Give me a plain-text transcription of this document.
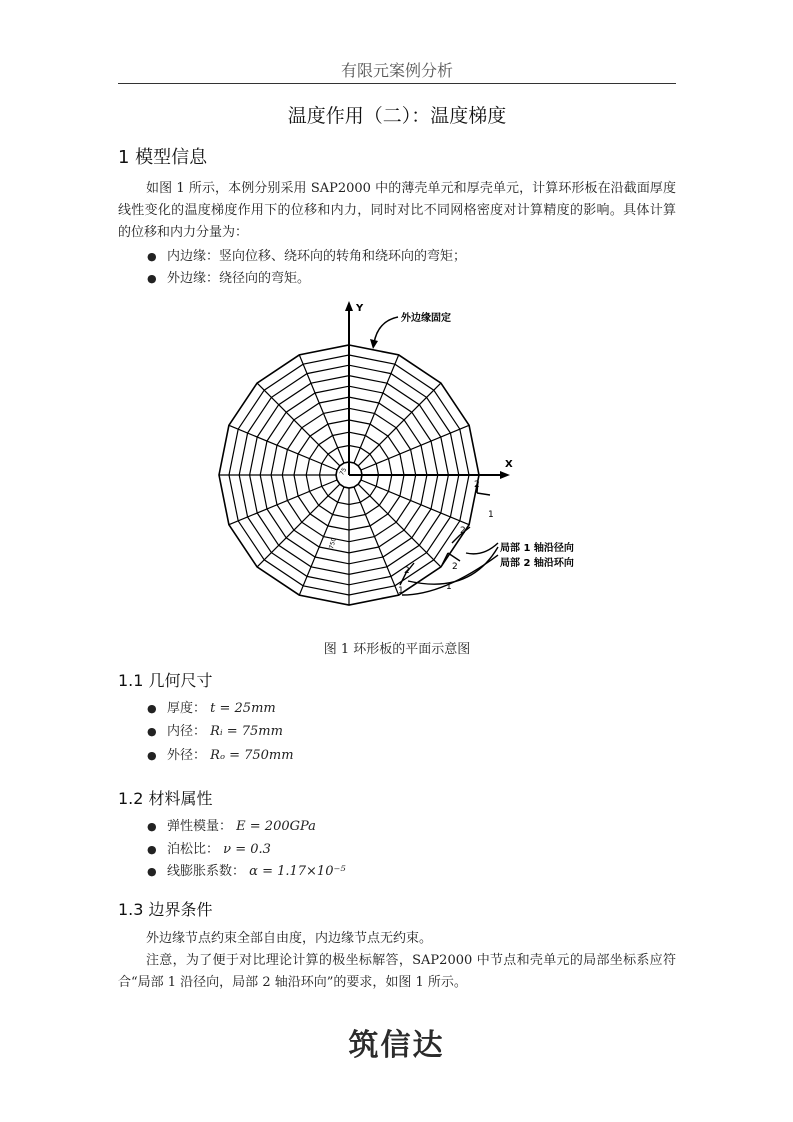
有限元案例分析
温度作用（二）：温度梯度
1 模型信息
如图 1 所示，本例分别采用 SAP2000 中的薄壳单元和厚壳单元，计算环形板在沿截面厚度线性变化的温度梯度作用下的位移和内力，同时对比不同网格密度对计算精度的影响。具体计算的位移和内力分量为：
● 内边缘：竖向位移、绕环向的转角和绕环向的弯矩；
● 外边缘：绕径向的弯矩。
Y
X
外边缘固定
75
750
2
1
2
2
1
2
1
局部 1 轴沿径向
局部 2 轴沿环向
图 1 环形板的平面示意图
1.1 几何尺寸
● 厚度： t = 25mm
● 内径： Rᵢ = 75mm
● 外径： Rₒ = 750mm
1.2 材料属性
● 弹性模量： E = 200GPa
● 泊松比： ν = 0.3
● 线膨胀系数： α = 1.17×10⁻⁵
1.3 边界条件
外边缘节点约束全部自由度，内边缘节点无约束。
注意，为了便于对比理论计算的极坐标解答，SAP2000 中节点和壳单元的局部坐标系应符合“局部 1 沿径向，局部 2 轴沿环向”的要求，如图 1 所示。
筑信达
